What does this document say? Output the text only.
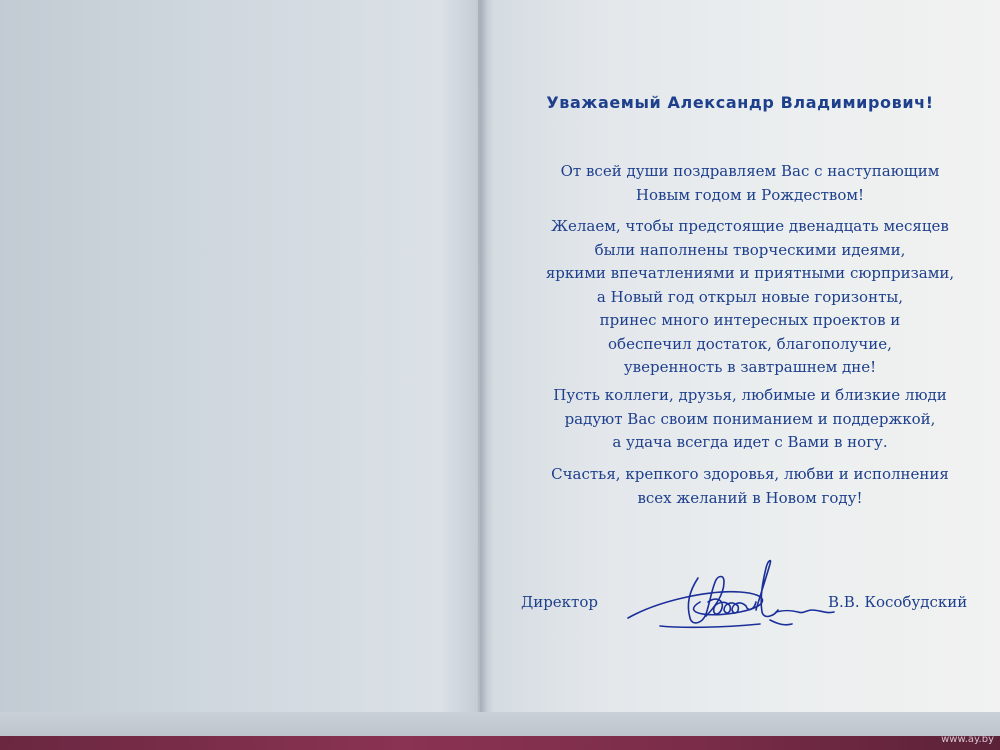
Уважаемый Александр Владимирович!
От всей души поздравляем Вас с наступающим
Новым годом и Рождеством!
Желаем, чтобы предстоящие двенадцать месяцев
были наполнены творческими идеями,
яркими впечатлениями и приятными сюрпризами,
а Новый год открыл новые горизонты,
принес много интересных проектов и
обеспечил достаток, благополучие,
уверенность в завтрашнем дне!
Пусть коллеги, друзья, любимые и близкие люди
радуют Вас своим пониманием и поддержкой,
а удача всегда идет с Вами в ногу.
Счастья, крепкого здоровья, любви и исполнения
всех желаний в Новом году!
Директор	В.В. Кособудский
www.ay.by
